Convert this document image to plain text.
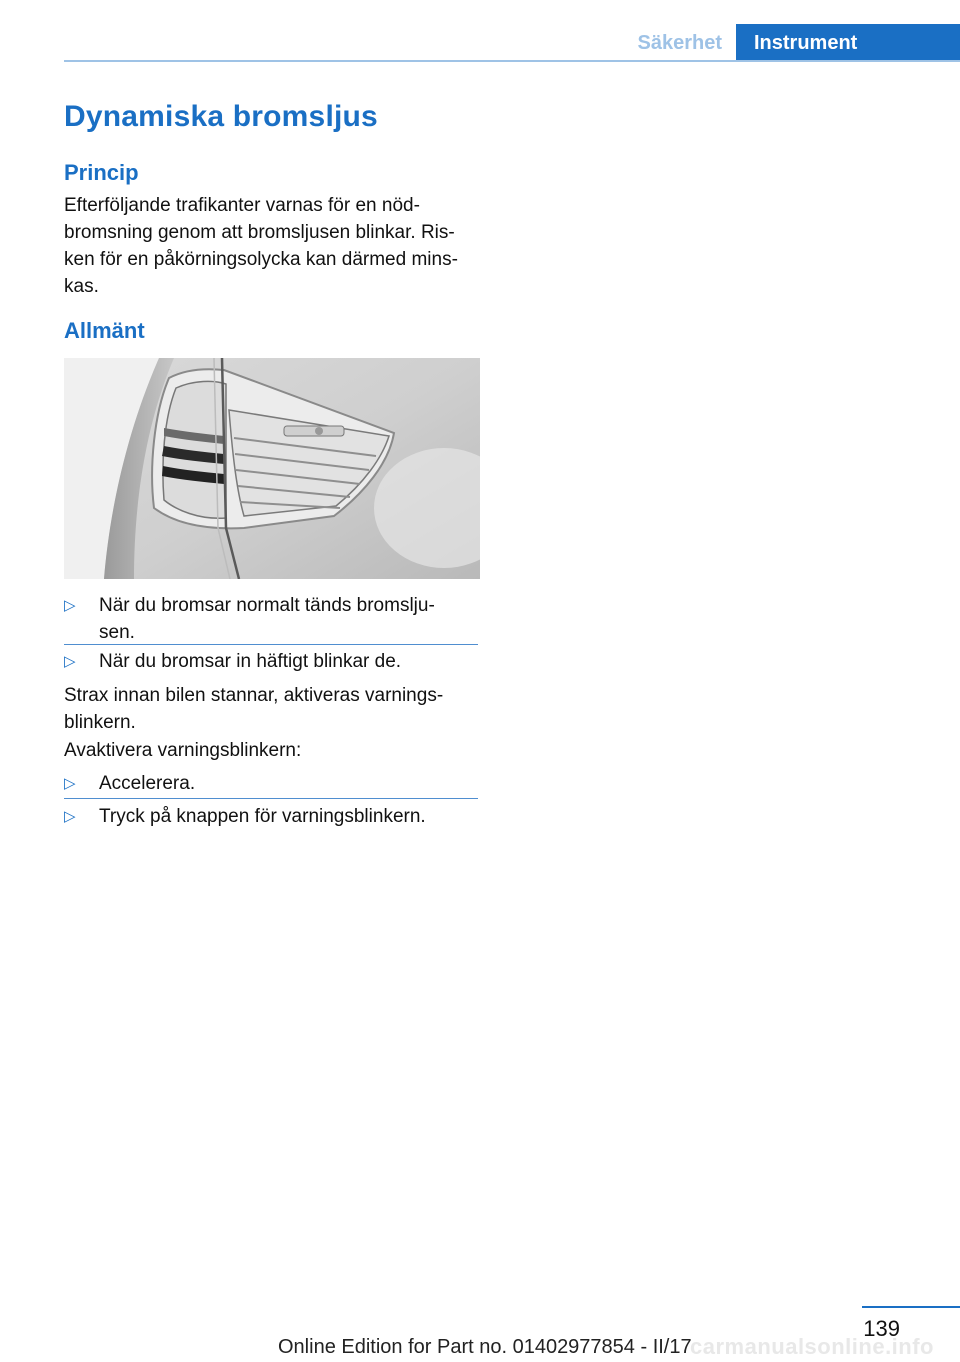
Säkerhet	Instrument
Dynamiska bromsljus
Princip
Efterföljande trafikanter varnas för en nöd-
bromsning genom att bromsljusen blinkar. Ris-
ken för en påkörningsolycka kan därmed mins-
kas.
Allmänt
▷ När du bromsar normalt tänds bromslju-
sen.
▷ När du bromsar in häftigt blinkar de.
Strax innan bilen stannar, aktiveras varnings-
blinkern.
Avaktivera varningsblinkern:
▷ Accelerera.
▷ Tryck på knappen för varningsblinkern.
139
carmanualsonline.info
Online Edition for Part no. 01402977854 - II/17
